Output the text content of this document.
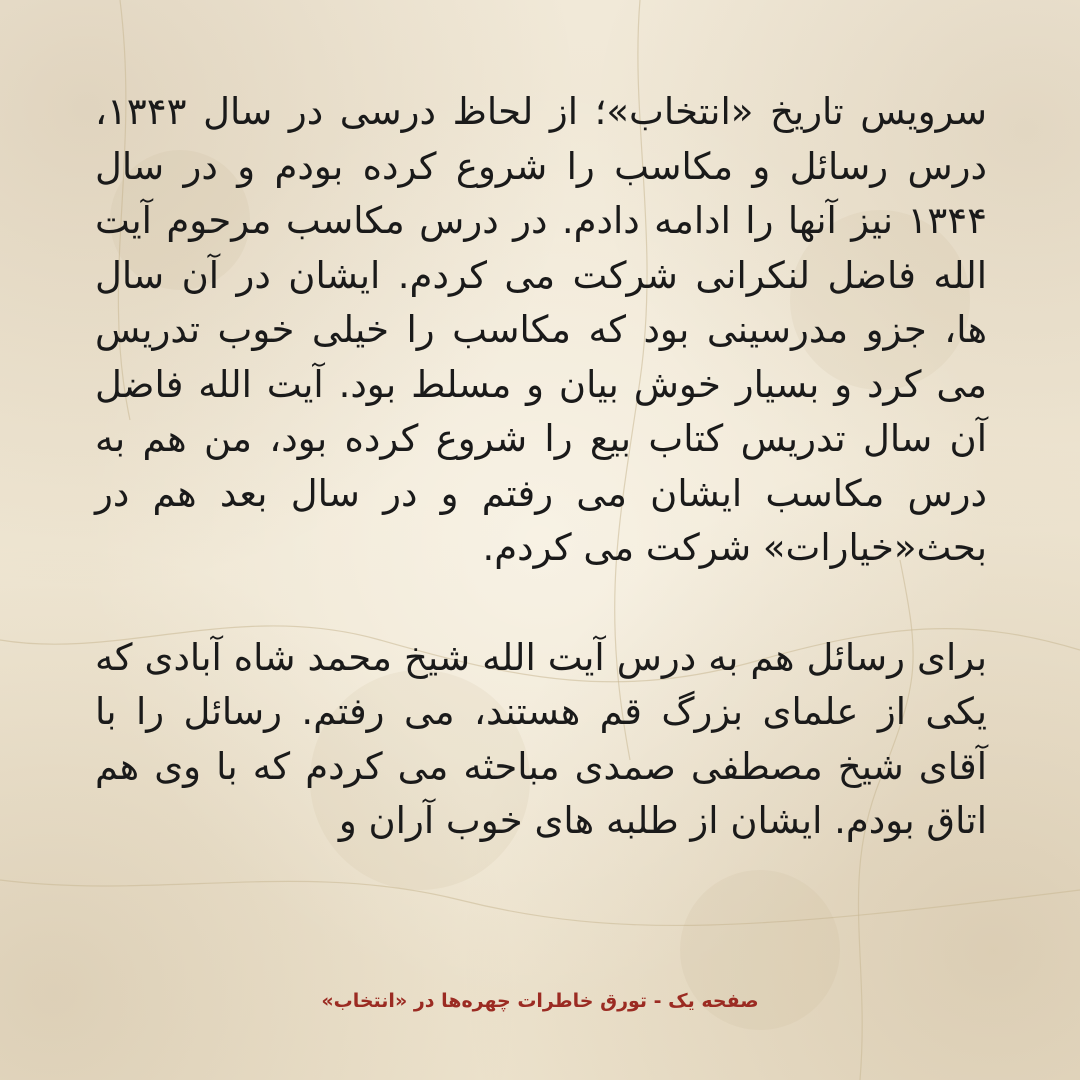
سرویس تاریخ «انتخاب»؛ از لحاظ درسی در سال ۱۳۴۳، درس رسائل و مکاسب را شروع کرده بودم و در سال ۱۳۴۴ نیز آنها را ادامه دادم. در درس مکاسب مرحوم آیت الله فاضل لنکرانی شرکت می کردم. ایشان در آن سال ها، جزو مدرسینی بود که مکاسب را خیلی خوب تدریس می کرد و بسیار خوش بیان و مسلط بود. آیت الله فاضل آن سال تدریس کتاب بیع را شروع کرده بود، من هم به درس مکاسب ایشان می رفتم و در سال بعد هم در بحث«خیارات» شرکت می کردم.

برای رسائل هم به درس آیت الله شیخ محمد شاه آبادی که یکی از علمای بزرگ قم هستند، می رفتم. رسائل را با آقای شیخ مصطفی صمدی مباحثه می کردم که با وی هم اتاق بودم. ایشان از طلبه های خوب آران و

صفحه یک - تورق خاطرات چهره‌ها در «انتخاب»
